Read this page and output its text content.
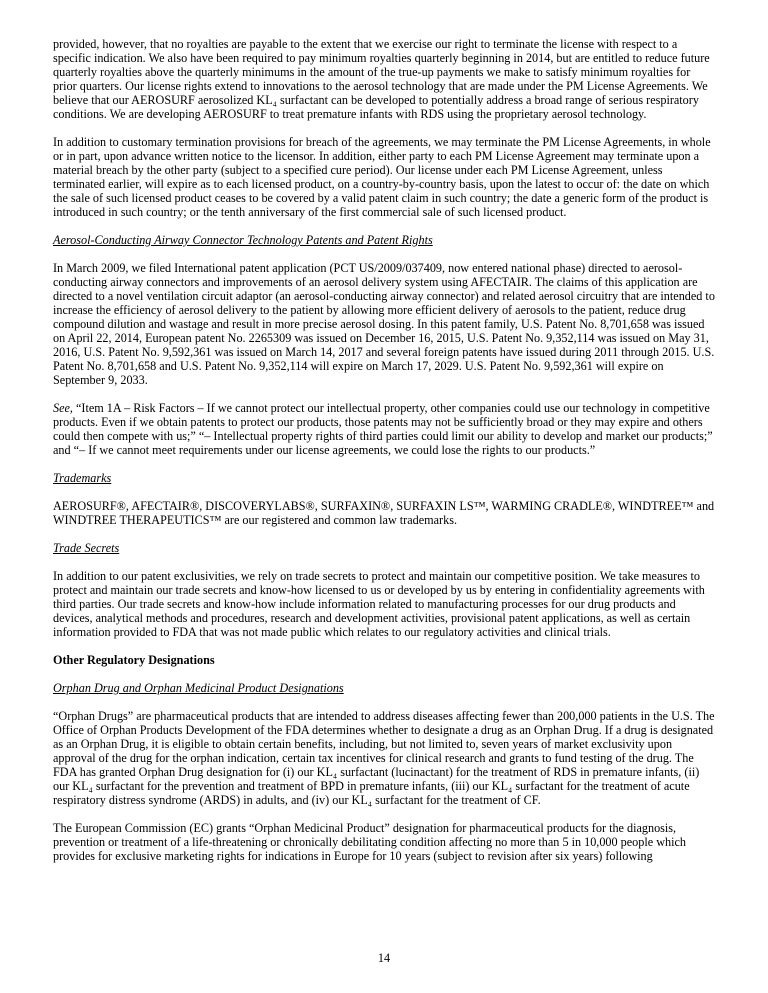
provided, however, that no royalties are payable to the extent that we exercise our right to terminate the license with respect to a specific indication. We also have been required to pay minimum royalties quarterly beginning in 2014, but are entitled to reduce future quarterly royalties above the quarterly minimums in the amount of the true-up payments we make to satisfy minimum royalties for prior quarters. Our license rights extend to innovations to the aerosol technology that are made under the PM License Agreements. We believe that our AEROSURF aerosolized KL₄ surfactant can be developed to potentially address a broad range of serious respiratory conditions. We are developing AEROSURF to treat premature infants with RDS using the proprietary aerosol technology.

In addition to customary termination provisions for breach of the agreements, we may terminate the PM License Agreements, in whole or in part, upon advance written notice to the licensor. In addition, either party to each PM License Agreement may terminate upon a material breach by the other party (subject to a specified cure period). Our license under each PM License Agreement, unless terminated earlier, will expire as to each licensed product, on a country-by-country basis, upon the latest to occur of: the date on which the sale of such licensed product ceases to be covered by a valid patent claim in such country; the date a generic form of the product is introduced in such country; or the tenth anniversary of the first commercial sale of such licensed product.

Aerosol-Conducting Airway Connector Technology Patents and Patent Rights

In March 2009, we filed International patent application (PCT US/2009/037409, now entered national phase) directed to aerosol-conducting airway connectors and improvements of an aerosol delivery system using AFECTAIR. The claims of this application are directed to a novel ventilation circuit adaptor (an aerosol-conducting airway connector) and related aerosol circuitry that are intended to increase the efficiency of aerosol delivery to the patient by allowing more efficient delivery of aerosols to the patient, reduce drug compound dilution and wastage and result in more precise aerosol dosing. In this patent family, U.S. Patent No. 8,701,658 was issued on April 22, 2014, European patent No. 2265309 was issued on December 16, 2015, U.S. Patent No. 9,352,114 was issued on May 31, 2016, U.S. Patent No. 9,592,361 was issued on March 14, 2017 and several foreign patents have issued during 2011 through 2015. U.S. Patent No. 8,701,658 and U.S. Patent No. 9,352,114 will expire on March 17, 2029. U.S. Patent No. 9,592,361 will expire on September 9, 2033.

See, “Item 1A – Risk Factors – If we cannot protect our intellectual property, other companies could use our technology in competitive products. Even if we obtain patents to protect our products, those patents may not be sufficiently broad or they may expire and others could then compete with us;” “– Intellectual property rights of third parties could limit our ability to develop and market our products;” and “– If we cannot meet requirements under our license agreements, we could lose the rights to our products.”

Trademarks

AEROSURF®, AFECTAIR®, DISCOVERYLABS®, SURFAXIN®, SURFAXIN LS™, WARMING CRADLE®, WINDTREE™ and WINDTREE THERAPEUTICS™ are our registered and common law trademarks.

Trade Secrets

In addition to our patent exclusivities, we rely on trade secrets to protect and maintain our competitive position. We take measures to protect and maintain our trade secrets and know-how licensed to us or developed by us by entering in confidentiality agreements with third parties. Our trade secrets and know-how include information related to manufacturing processes for our drug products and devices, analytical methods and procedures, research and development activities, provisional patent applications, as well as certain information provided to FDA that was not made public which relates to our regulatory activities and clinical trials.

Other Regulatory Designations
Orphan Drug and Orphan Medicinal Product Designations

“Orphan Drugs” are pharmaceutical products that are intended to address diseases affecting fewer than 200,000 patients in the U.S. The Office of Orphan Products Development of the FDA determines whether to designate a drug as an Orphan Drug. If a drug is designated as an Orphan Drug, it is eligible to obtain certain benefits, including, but not limited to, seven years of market exclusivity upon approval of the drug for the orphan indication, certain tax incentives for clinical research and grants to fund testing of the drug. The FDA has granted Orphan Drug designation for (i) our KL₄ surfactant (lucinactant) for the treatment of RDS in premature infants, (ii) our KL₄ surfactant for the prevention and treatment of BPD in premature infants, (iii) our KL₄ surfactant for the treatment of acute respiratory distress syndrome (ARDS) in adults, and (iv) our KL₄ surfactant for the treatment of CF.

The European Commission (EC) grants “Orphan Medicinal Product” designation for pharmaceutical products for the diagnosis, prevention or treatment of a life-threatening or chronically debilitating condition affecting no more than 5 in 10,000 people which provides for exclusive marketing rights for indications in Europe for 10 years (subject to revision after six years) following

14
